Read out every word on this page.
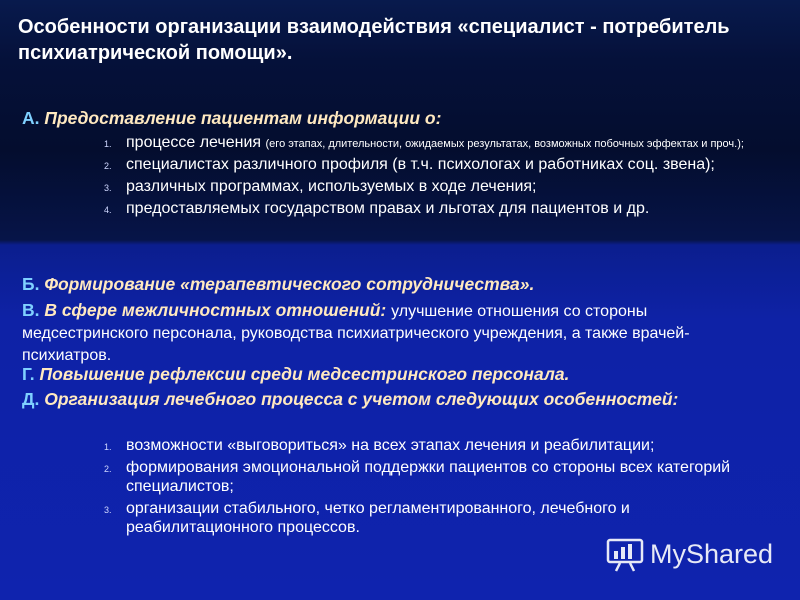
Особенности организации взаимодействия «специалист - потребитель психиатрической помощи».
А. Предоставление пациентам информации о:
1. процессе лечения (его этапах, длительности, ожидаемых результатах, возможных побочных эффектах и проч.);
2. специалистах различного профиля (в т.ч. психологах и работниках соц. звена);
3. различных программах, используемых в ходе лечения;
4. предоставляемых государством правах и льготах для пациентов и др.
Б. Формирование «терапевтического сотрудничества».
В. В сфере межличностных отношений: улучшение отношения со стороны медсестринского персонала, руководства психиатрического учреждения, а также врачей-психиатров.
Г. Повышение рефлексии среди медсестринского персонала.
Д. Организация лечебного процесса с учетом следующих особенностей:
1. возможности «выговориться» на всех этапах лечения и реабилитации;
2. формирования эмоциональной поддержки пациентов со стороны всех категорий специалистов;
3. организации стабильного, четко регламентированного, лечебного и реабилитационного процессов.
MyShared
